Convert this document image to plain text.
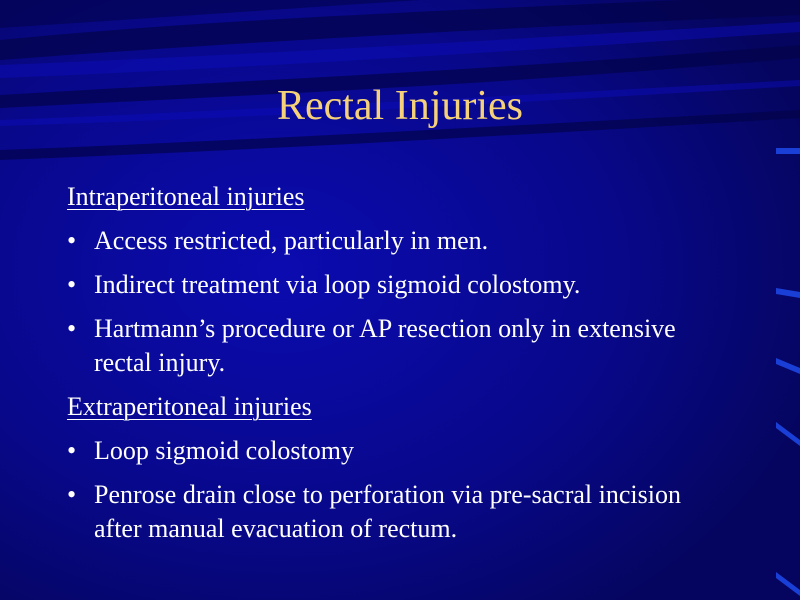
Rectal Injuries

Intraperitoneal injuries

• Access restricted, particularly in men.
• Indirect treatment via loop sigmoid colostomy.
• Hartmann’s procedure or AP resection only in extensive rectal injury.

Extraperitoneal injuries

• Loop sigmoid colostomy
• Penrose drain close to perforation via pre-sacral incision after manual evacuation of rectum.
